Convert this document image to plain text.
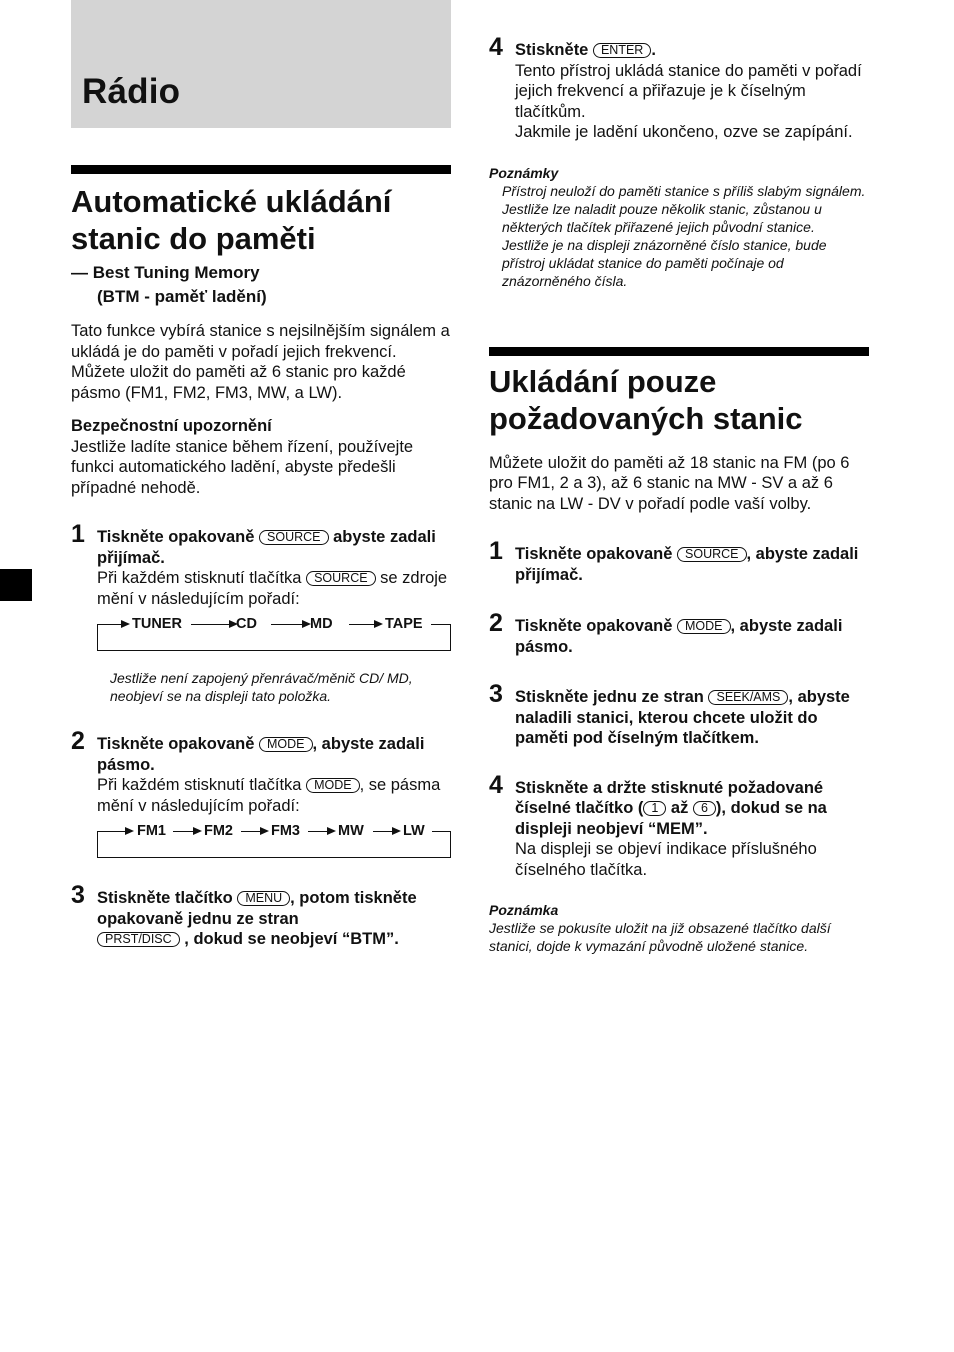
Rádio
Automatické ukládání stanic do paměti
— Best Tuning Memory
(BTM - paměť ladění)

Tato funkce vybírá stanice s nejsilnějším signálem a ukládá je do paměti v pořadí jejich frekvencí. Můžete uložit do paměti až 6 stanic pro každé pásmo (FM1, FM2, FM3, MW, a LW).

Bezpečnostní upozornění

Jestliže ladíte stanice během řízení, používejte funkci automatického ladění, abyste předešli případné nehodě.

1 Tiskněte opakovaně SOURCE abyste zadali přijímač.

Při každém stisknutí tlačítka SOURCE se zdroje mění v následujícím pořadí:

TUNER	CD	MD	TAPE

Jestliže není zapojený přenrávač/měnič CD/ MD, neobjeví se na displeji tato položka.

2 Tiskněte opakovaně MODE , abyste zadali pásmo.

Při každém stisknutí tlačítka MODE , se pásma mění v následujícím pořadí:

FM1	FM2	FM3	MW	LW
3 Stiskněte tlačítko MENU , potom tiskněte opakovaně jednu ze stran
PRST/DISC , dokud se neobjeví “BTM”.

4 Stiskněte ENTER .

Tento přístroj ukládá stanice do paměti v pořadí jejich frekvencí a přiřazuje je k číselným tlačítkům.

Jakmile je ladění ukončeno, ozve se zapípání.

Poznámky

Přístroj neuloží do paměti stanice s příliš slabým signálem. Jestliže lze naladit pouze několik stanic, zůstanou u některých tlačítek přiřazené jejich původní stanice.

Jestliže je na displeji znázorněné číslo stanice, bude přístroj ukládat stanice do paměti počínaje od znázorněného čísla.

Ukládání pouze požadovaných stanic

Můžete uložit do paměti až 18 stanic na FM (po 6 pro FM1, 2 a 3), až 6 stanic na MW - SV a až 6 stanic na LW - DV v pořadí podle vaší volby.

1 Tiskněte opakovaně SOURCE , abyste zadali přijímač.

2 Tiskněte opakovaně MODE , abyste zadali pásmo.

3 Stiskněte jednu ze stran SEEK/AMS , abyste naladili stanici, kterou chcete uložit do paměti pod číselným tlačítkem.

4 Stiskněte a držte stisknuté požadované číselné tlačítko ( 1 až 6 ), dokud se na displeji neobjeví “MEM”.

Na displeji se objeví indikace příslušného číselného tlačítka.

Poznámka

Jestliže se pokusíte uložit na již obsazené tlačítko další stanici, dojde k vymazání původně uložené stanice.
